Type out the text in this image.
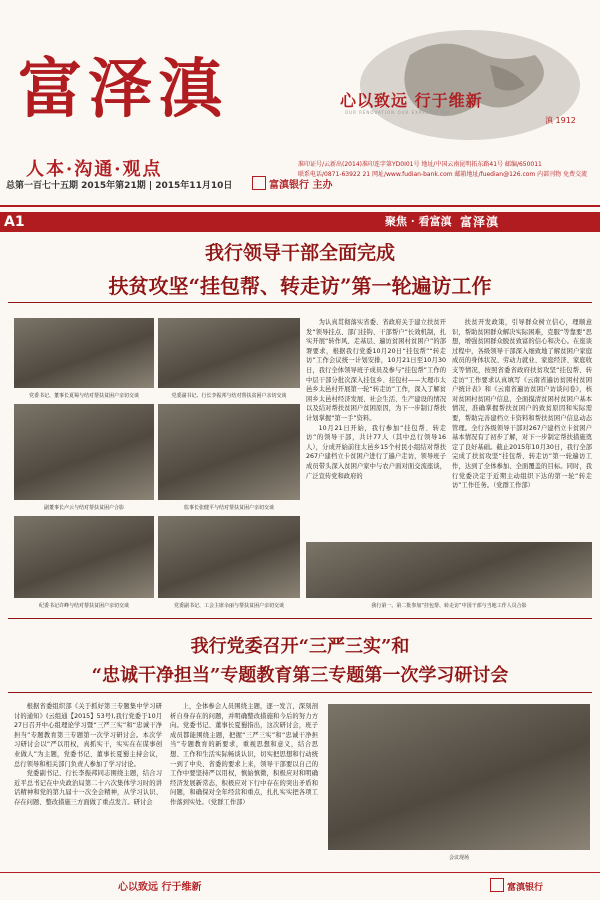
富泽滇
人本·沟通·观点
总第一百七十五期 2015年第21期 | 2015年11月10日	富滇银行 主办
心以致远 行于维新
OUR RENOVATION OUR EXPECTATION
滇 1912
准印证号/云新出(2014)准印连字第YD0I01号 地址/中国云南昆明拓东路41号 邮编/650011
联系电话/0871-63922 21 网址/www.fudian-bank.com 邮箱地址/fuedian@126.com 内部刊物 免费交流
A1	聚焦 · 看富滇 富泽滇
我行领导干部全面完成
扶贫攻坚“挂包帮、转走访”第一轮遍访工作
党委书记、董事长夏蜀与结对帮扶贫困户亲切交谈	党委副书记、行长李振邦与结对帮扶贫困户亲切交谈
副董事长卢云与结对帮扶贫困户合影	监事长张健平与结对帮扶贫困户亲切交谈
纪委书记许峰与结对帮扶贫困户亲切交谈	党委副书记、工会主席余丽与帮扶贫困户亲切交谈

为认真贯彻落实省委、省政府关于建立扶贫开发“领导挂点、部门挂钩、干部帮户”长效机制，扎实开展“转作风、走基层、遍访贫困村贫困户”的部署要求，根据我行党委10月20日“挂包帮”“转走访”工作会议统一计划安排，10月21日至10月30日，我行全体领导班子成员及参与“挂包帮”工作的中层干部分批次深入挂包乡、挂包村——大理市太邑乡太邑村开展第一轮“转走访”工作，深入了解贫困乡太邑村经济发展、社会生活、生产建设的情况以及结对帮扶贫困户贫困原因，为下一步制订帮扶计划掌握“第一手”资料。

10月21日开始，我行参加“挂包帮、转走访”的领导干部，共计77人（其中总行领导16人），分成开始前往太邑乡15个村民小组结对帮扶267户建档立卡贫困户进行了遍户走访，领导班子成员带头深入贫困户家中与农户面对面交流座谈，广泛宣传党和政府的

扶贫开发政策，引导群众树立信心，理顺意识，帮助贫困群众解决实际困难，克服“等靠要”思想，增强贫困群众脱贫致富的信心和决心。在座谈过程中，各级领导干部深入细致地了解贫困户家庭成员的身体状况、劳动力就业、家庭经济、家庭收支等情况，按照省委省政府扶贫攻坚“挂包帮、转走访”工作要求认真填写《云南省遍访贫困村贫困户统计表》和《云南省遍访贫困户访谈问卷》，核对贫困村贫困户信息，全面摸清贫困村贫困户基本情况，准确掌握帮扶贫困户的致贫原因和实际需要，帮助完善建档立卡资料和帮扶贫困户信息动态管理。全行各级领导干部对267户建档立卡贫困户基本情况有了初步了解，对下一步制定帮扶措施奠定了良好基础。截止2015年10月30日，我行全部完成了扶贫攻坚“挂包帮、转走访”第一轮遍访工作，达到了全体参加、全面覆盖的目标。同时，我行党委决定于近期主动组织下达的第一轮“转走访”工作任务。（党群工作部）

我行第一、第二批参加“挂包帮、转走访”中国干部与当地工作人员合影
我行党委召开“三严三实”和
“忠诚干净担当”专题教育第三专题第一次学习研讨会

根据省委组织部《关于抓好第三专题集中学习研讨的通知》(云组通【2015】53号),我行党委于10月27日召开中心组理论学习暨“三严三实”和“忠诚干净担当”专题教育第三专题第一次学习研讨会。本次学习研讨会以“严以用权，真抓实干，实实在在谋事创业做人”为主题，党委书记、董事长夏蜀主持会议，总行领导和相关部门负责人参加了学习讨论。

党委副书记、行长李振邦同志围绕主题，结合习近平总书记在中央政治局第二十六次集体学习时的讲话精神和党的第九届十一次全会精神，从学习认识、存在问题、整改措施三方面做了重点发言。研讨会

上，全体参会人员围绕主题，逐一发言，深刻剖析自身存在的问题，并明确整改措施和今后的努力方向。党委书记、董事长夏蜀指出，这次研讨会，班子成员都能围绕主题，把握“三严三实”和“忠诚干净担当”专题教育的新要求，重视思想和意义，结合思想、工作和生活实际畅谈认识，切实把思想和行动统一到了中央、省委的要求上来，领导干部要以自己的工作中要坚持严以用权，慎始慎微，积极应对和明确经济发展新常态，积极应对下行中存在的突出矛盾和问题，和确保对全年经营和重点，扎扎实实把各项工作落到实处。（党群工作部）

会议现场
心以致远 行于维新	富滇银行
